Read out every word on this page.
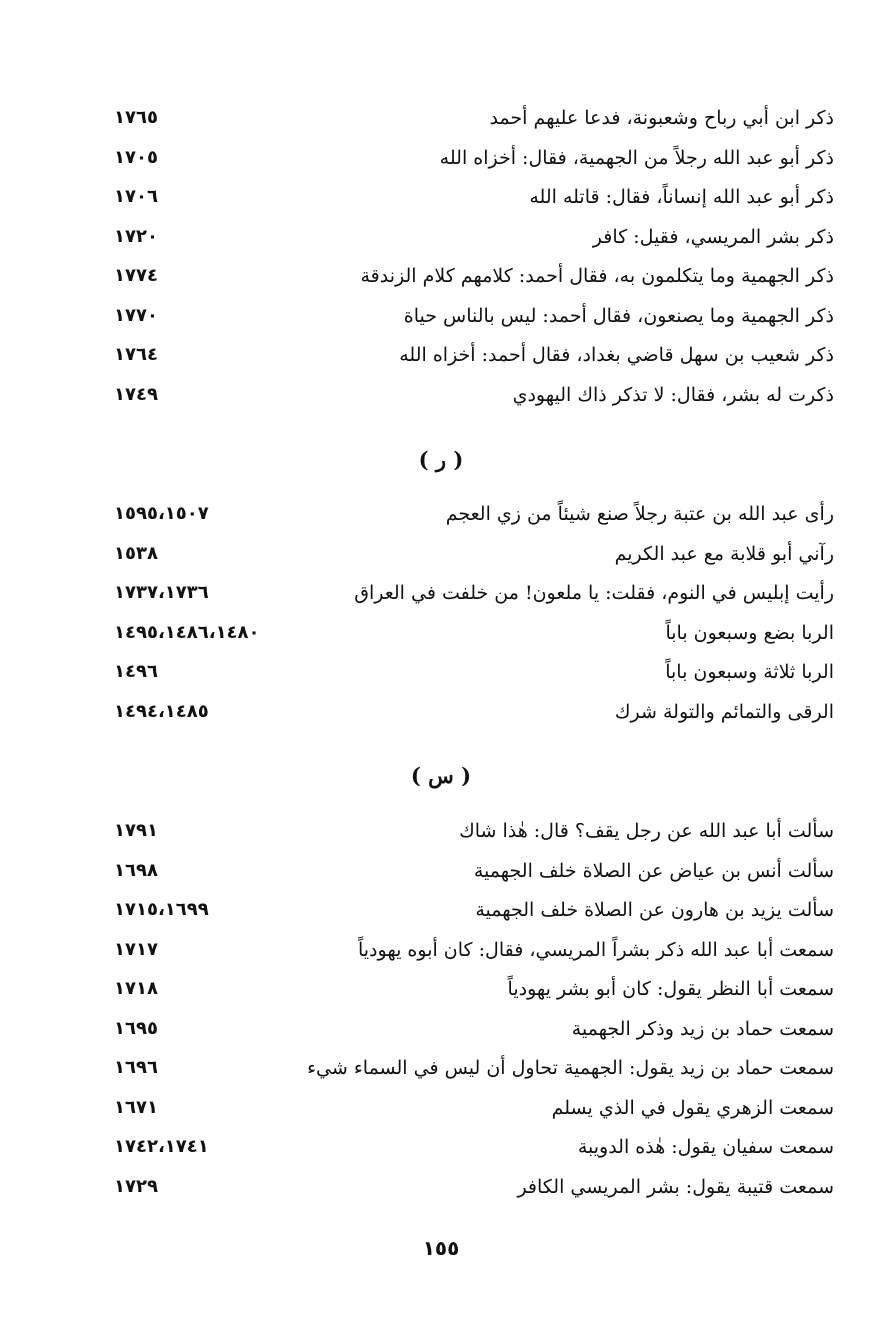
ذكر ابن أبي رباح وشعبونة، فدعا عليهم أحمد
١٧٦٥
ذكر أبو عبد الله رجلاً من الجهمية، فقال: أخزاه الله
١٧٠٥
ذكر أبو عبد الله إنساناً، فقال: قاتله الله
١٧٠٦
ذكر بشر المريسي، فقيل: كافر
١٧٢٠
ذكر الجهمية وما يتكلمون به، فقال أحمد: كلامهم كلام الزندقة
١٧٧٤
ذكر الجهمية وما يصنعون، فقال أحمد: ليس بالناس حياة
١٧٧٠
ذكر شعيب بن سهل قاضي بغداد، فقال أحمد: أخزاه الله
١٧٦٤
ذكرت له بشر، فقال: لا تذكر ذاك اليهودي
١٧٤٩
( ر )
رأى عبد الله بن عتبة رجلاً صنع شيئاً من زي العجم
١٥٩٥،١٥٠٧
رآني أبو قلابة مع عبد الكريم
١٥٣٨
رأيت إبليس في النوم، فقلت: يا ملعون! من خلفت في العراق
١٧٣٧،١٧٣٦
الربا بضع وسبعون باباً
١٤٩٥،١٤٨٦،١٤٨٠
الربا ثلاثة وسبعون باباً
١٤٩٦
الرقى والتمائم والتولة شرك
١٤٩٤،١٤٨٥
( س )
سألت أبا عبد الله عن رجل يقف؟ قال: هٰذا شاك
١٧٩١
سألت أنس بن عياض عن الصلاة خلف الجهمية
١٦٩٨
سألت يزيد بن هارون عن الصلاة خلف الجهمية
١٧١٥،١٦٩٩
سمعت أبا عبد الله ذكر بشراً المريسي، فقال: كان أبوه يهودياً
١٧١٧
سمعت أبا النظر يقول: كان أبو بشر يهودياً
١٧١٨
سمعت حماد بن زيد وذكر الجهمية
١٦٩٥
سمعت حماد بن زيد يقول: الجهمية تحاول أن ليس في السماء شيء
١٦٩٦
سمعت الزهري يقول في الذي يسلم
١٦٧١
سمعت سفيان يقول: هٰذه الدويبة
١٧٤٢،١٧٤١
سمعت قتيبة يقول: بشر المريسي الكافر
١٧٢٩
١٥٥
